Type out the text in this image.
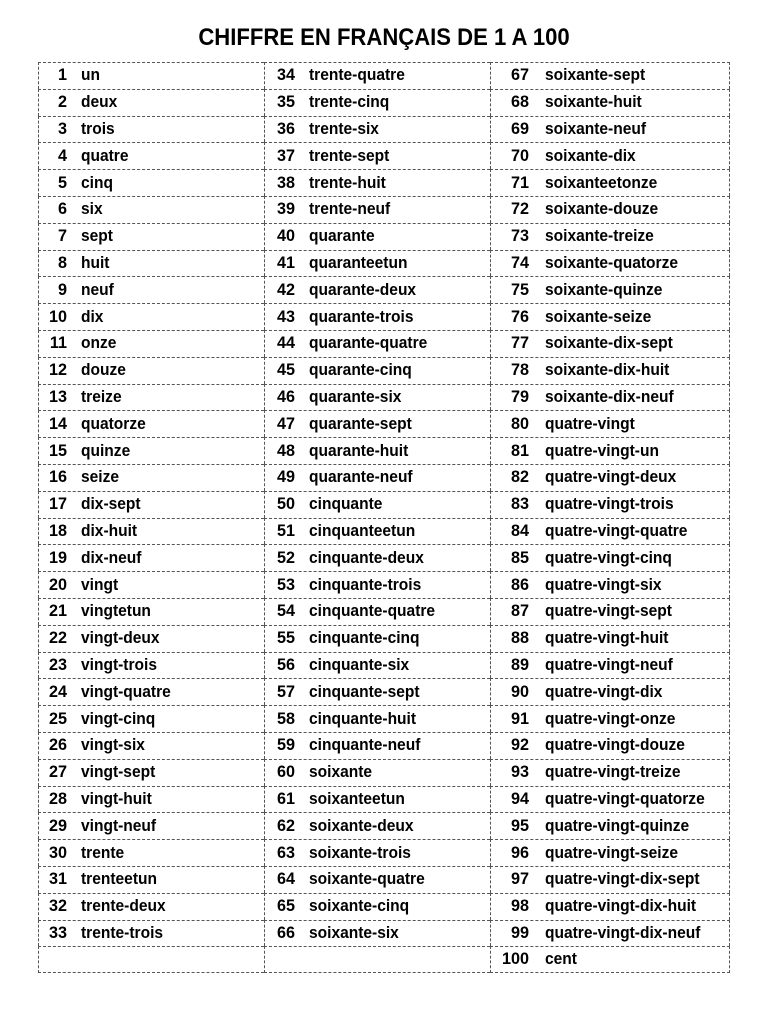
CHIFFRE EN FRANÇAIS DE 1 A 100
1 un
2 deux
3 trois
4 quatre
5 cinq
6 six
7 sept
8 huit
9 neuf
10 dix
11 onze
12 douze
13 treize
14 quatorze
15 quinze
16 seize
17 dix-sept
18 dix-huit
19 dix-neuf
20 vingt
21 vingtetun
22 vingt-deux
23 vingt-trois
24 vingt-quatre
25 vingt-cinq
26 vingt-six
27 vingt-sept
28 vingt-huit
29 vingt-neuf
30 trente
31 trenteetun
32 trente-deux
33 trente-trois
34 trente-quatre
35 trente-cinq
36 trente-six
37 trente-sept
38 trente-huit
39 trente-neuf
40 quarante
41 quaranteetun
42 quarante-deux
43 quarante-trois
44 quarante-quatre
45 quarante-cinq
46 quarante-six
47 quarante-sept
48 quarante-huit
49 quarante-neuf
50 cinquante
51 cinquanteetun
52 cinquante-deux
53 cinquante-trois
54 cinquante-quatre
55 cinquante-cinq
56 cinquante-six
57 cinquante-sept
58 cinquante-huit
59 cinquante-neuf
60 soixante
61 soixanteetun
62 soixante-deux
63 soixante-trois
64 soixante-quatre
65 soixante-cinq
66 soixante-six
67 soixante-sept
68 soixante-huit
69 soixante-neuf
70 soixante-dix
71 soixanteetonze
72 soixante-douze
73 soixante-treize
74 soixante-quatorze
75 soixante-quinze
76 soixante-seize
77 soixante-dix-sept
78 soixante-dix-huit
79 soixante-dix-neuf
80 quatre-vingt
81 quatre-vingt-un
82 quatre-vingt-deux
83 quatre-vingt-trois
84 quatre-vingt-quatre
85 quatre-vingt-cinq
86 quatre-vingt-six
87 quatre-vingt-sept
88 quatre-vingt-huit
89 quatre-vingt-neuf
90 quatre-vingt-dix
91 quatre-vingt-onze
92 quatre-vingt-douze
93 quatre-vingt-treize
94 quatre-vingt-quatorze
95 quatre-vingt-quinze
96 quatre-vingt-seize
97 quatre-vingt-dix-sept
98 quatre-vingt-dix-huit
99 quatre-vingt-dix-neuf
100 cent
